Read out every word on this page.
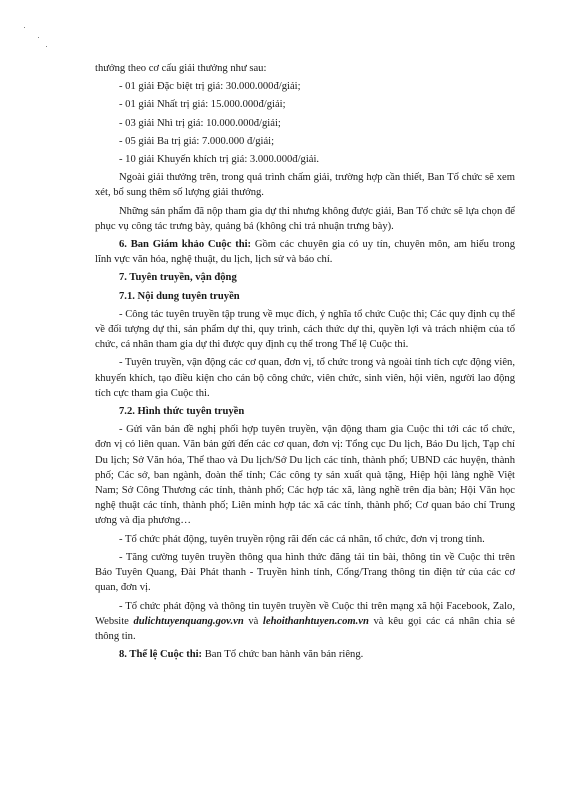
thưởng theo cơ cấu giải thưởng như sau:

- 01 giải Đặc biệt trị giá: 30.000.000đ/giải;

- 01 giải Nhất trị giá: 15.000.000đ/giải;

- 03 giải Nhì trị giá: 10.000.000đ/giải;

- 05 giải Ba trị giá: 7.000.000 đ/giải;

- 10 giải Khuyến khích trị giá: 3.000.000đ/giải.

Ngoài giải thưởng trên, trong quá trình chấm giải, trường hợp cần thiết, Ban Tổ chức sẽ xem xét, bổ sung thêm số lượng giải thưởng.

Những sản phẩm đã nộp tham gia dự thi nhưng không được giải, Ban Tổ chức sẽ lựa chọn để phục vụ công tác trưng bày, quảng bá (không chi trả nhuận trưng bày).

6. Ban Giám khảo Cuộc thi: Gồm các chuyên gia có uy tín, chuyên môn, am hiểu trong lĩnh vực văn hóa, nghệ thuật, du lịch, lịch sử và báo chí.

7. Tuyên truyền, vận động

7.1. Nội dung tuyên truyền

- Công tác tuyên truyền tập trung về mục đích, ý nghĩa tổ chức Cuộc thi; Các quy định cụ thể về đối tượng dự thi, sản phẩm dự thi, quy trình, cách thức dự thi, quyền lợi và trách nhiệm của tổ chức, cá nhân tham gia dự thi được quy định cụ thể trong Thể lệ Cuộc thi.

- Tuyên truyền, vận động các cơ quan, đơn vị, tổ chức trong và ngoài tỉnh tích cực động viên, khuyến khích, tạo điều kiện cho cán bộ công chức, viên chức, sinh viên, hội viên, người lao động tích cực tham gia Cuộc thi.

7.2. Hình thức tuyên truyền

- Gửi văn bản đề nghị phối hợp tuyên truyền, vận động tham gia Cuộc thi tới các tổ chức, đơn vị có liên quan. Văn bản gửi đến các cơ quan, đơn vị: Tổng cục Du lịch, Báo Du lịch, Tạp chí Du lịch; Sở Văn hóa, Thể thao và Du lịch/Sở Du lịch các tỉnh, thành phố; UBND các huyện, thành phố; Các sở, ban ngành, đoàn thể tỉnh; Các công ty sản xuất quà tặng, Hiệp hội làng nghề Việt Nam; Sở Công Thương các tỉnh, thành phố; Các hợp tác xã, làng nghề trên địa bàn; Hội Văn học nghệ thuật các tỉnh, thành phố; Liên minh hợp tác xã các tỉnh, thành phố; Cơ quan báo chí Trung ương và địa phương…

- Tổ chức phát động, tuyên truyền rộng rãi đến các cá nhân, tổ chức, đơn vị trong tỉnh.

- Tăng cường tuyên truyền thông qua hình thức đăng tải tin bài, thông tin về Cuộc thi trên Báo Tuyên Quang, Đài Phát thanh - Truyền hình tỉnh, Cổng/Trang thông tin điện tử của các cơ quan, đơn vị.

- Tổ chức phát động và thông tin tuyên truyền về Cuộc thi trên mạng xã hội Facebook, Zalo, Website dulichtuyenquang.gov.vn và lehoithanhtuyen.com.vn và kêu gọi các cá nhân chia sẻ thông tin.

8. Thể lệ Cuộc thi: Ban Tổ chức ban hành văn bản riêng.
